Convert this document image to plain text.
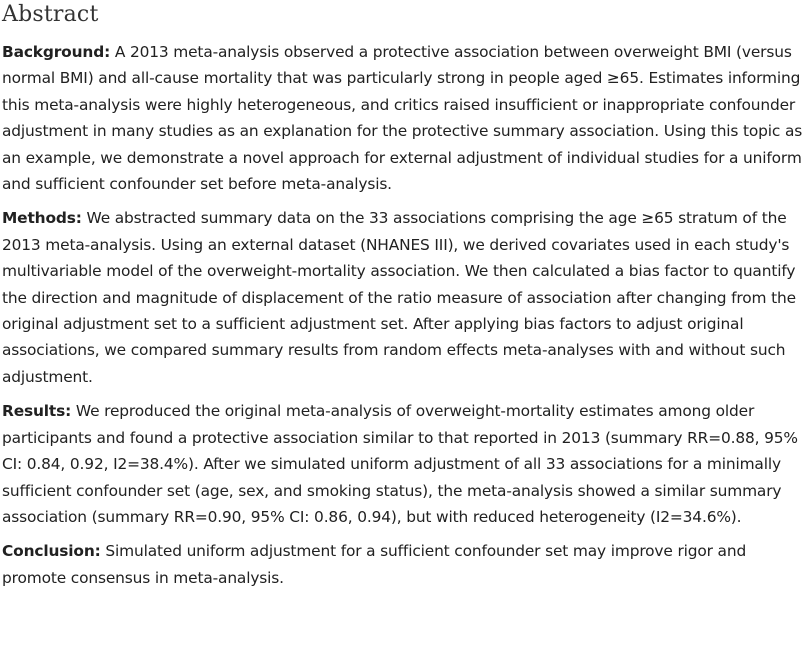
Abstract

Background: A 2013 meta-analysis observed a protective association between overweight BMI (versus normal BMI) and all-cause mortality that was particularly strong in people aged ≥65. Estimates informing this meta-analysis were highly heterogeneous, and critics raised insufficient or inappropriate confounder adjustment in many studies as an explanation for the protective summary association. Using this topic as an example, we demonstrate a novel approach for external adjustment of individual studies for a uniform and sufficient confounder set before meta-analysis.

Methods: We abstracted summary data on the 33 associations comprising the age ≥65 stratum of the 2013 meta-analysis. Using an external dataset (NHANES III), we derived covariates used in each study's multivariable model of the overweight-mortality association. We then calculated a bias factor to quantify the direction and magnitude of displacement of the ratio measure of association after changing from the original adjustment set to a sufficient adjustment set. After applying bias factors to adjust original associations, we compared summary results from random effects meta-analyses with and without such adjustment.

Results: We reproduced the original meta-analysis of overweight-mortality estimates among older participants and found a protective association similar to that reported in 2013 (summary RR=0.88, 95% CI: 0.84, 0.92, I2=38.4%). After we simulated uniform adjustment of all 33 associations for a minimally sufficient confounder set (age, sex, and smoking status), the meta-analysis showed a similar summary association (summary RR=0.90, 95% CI: 0.86, 0.94), but with reduced heterogeneity (I2=34.6%).

Conclusion: Simulated uniform adjustment for a sufficient confounder set may improve rigor and promote consensus in meta-analysis.
